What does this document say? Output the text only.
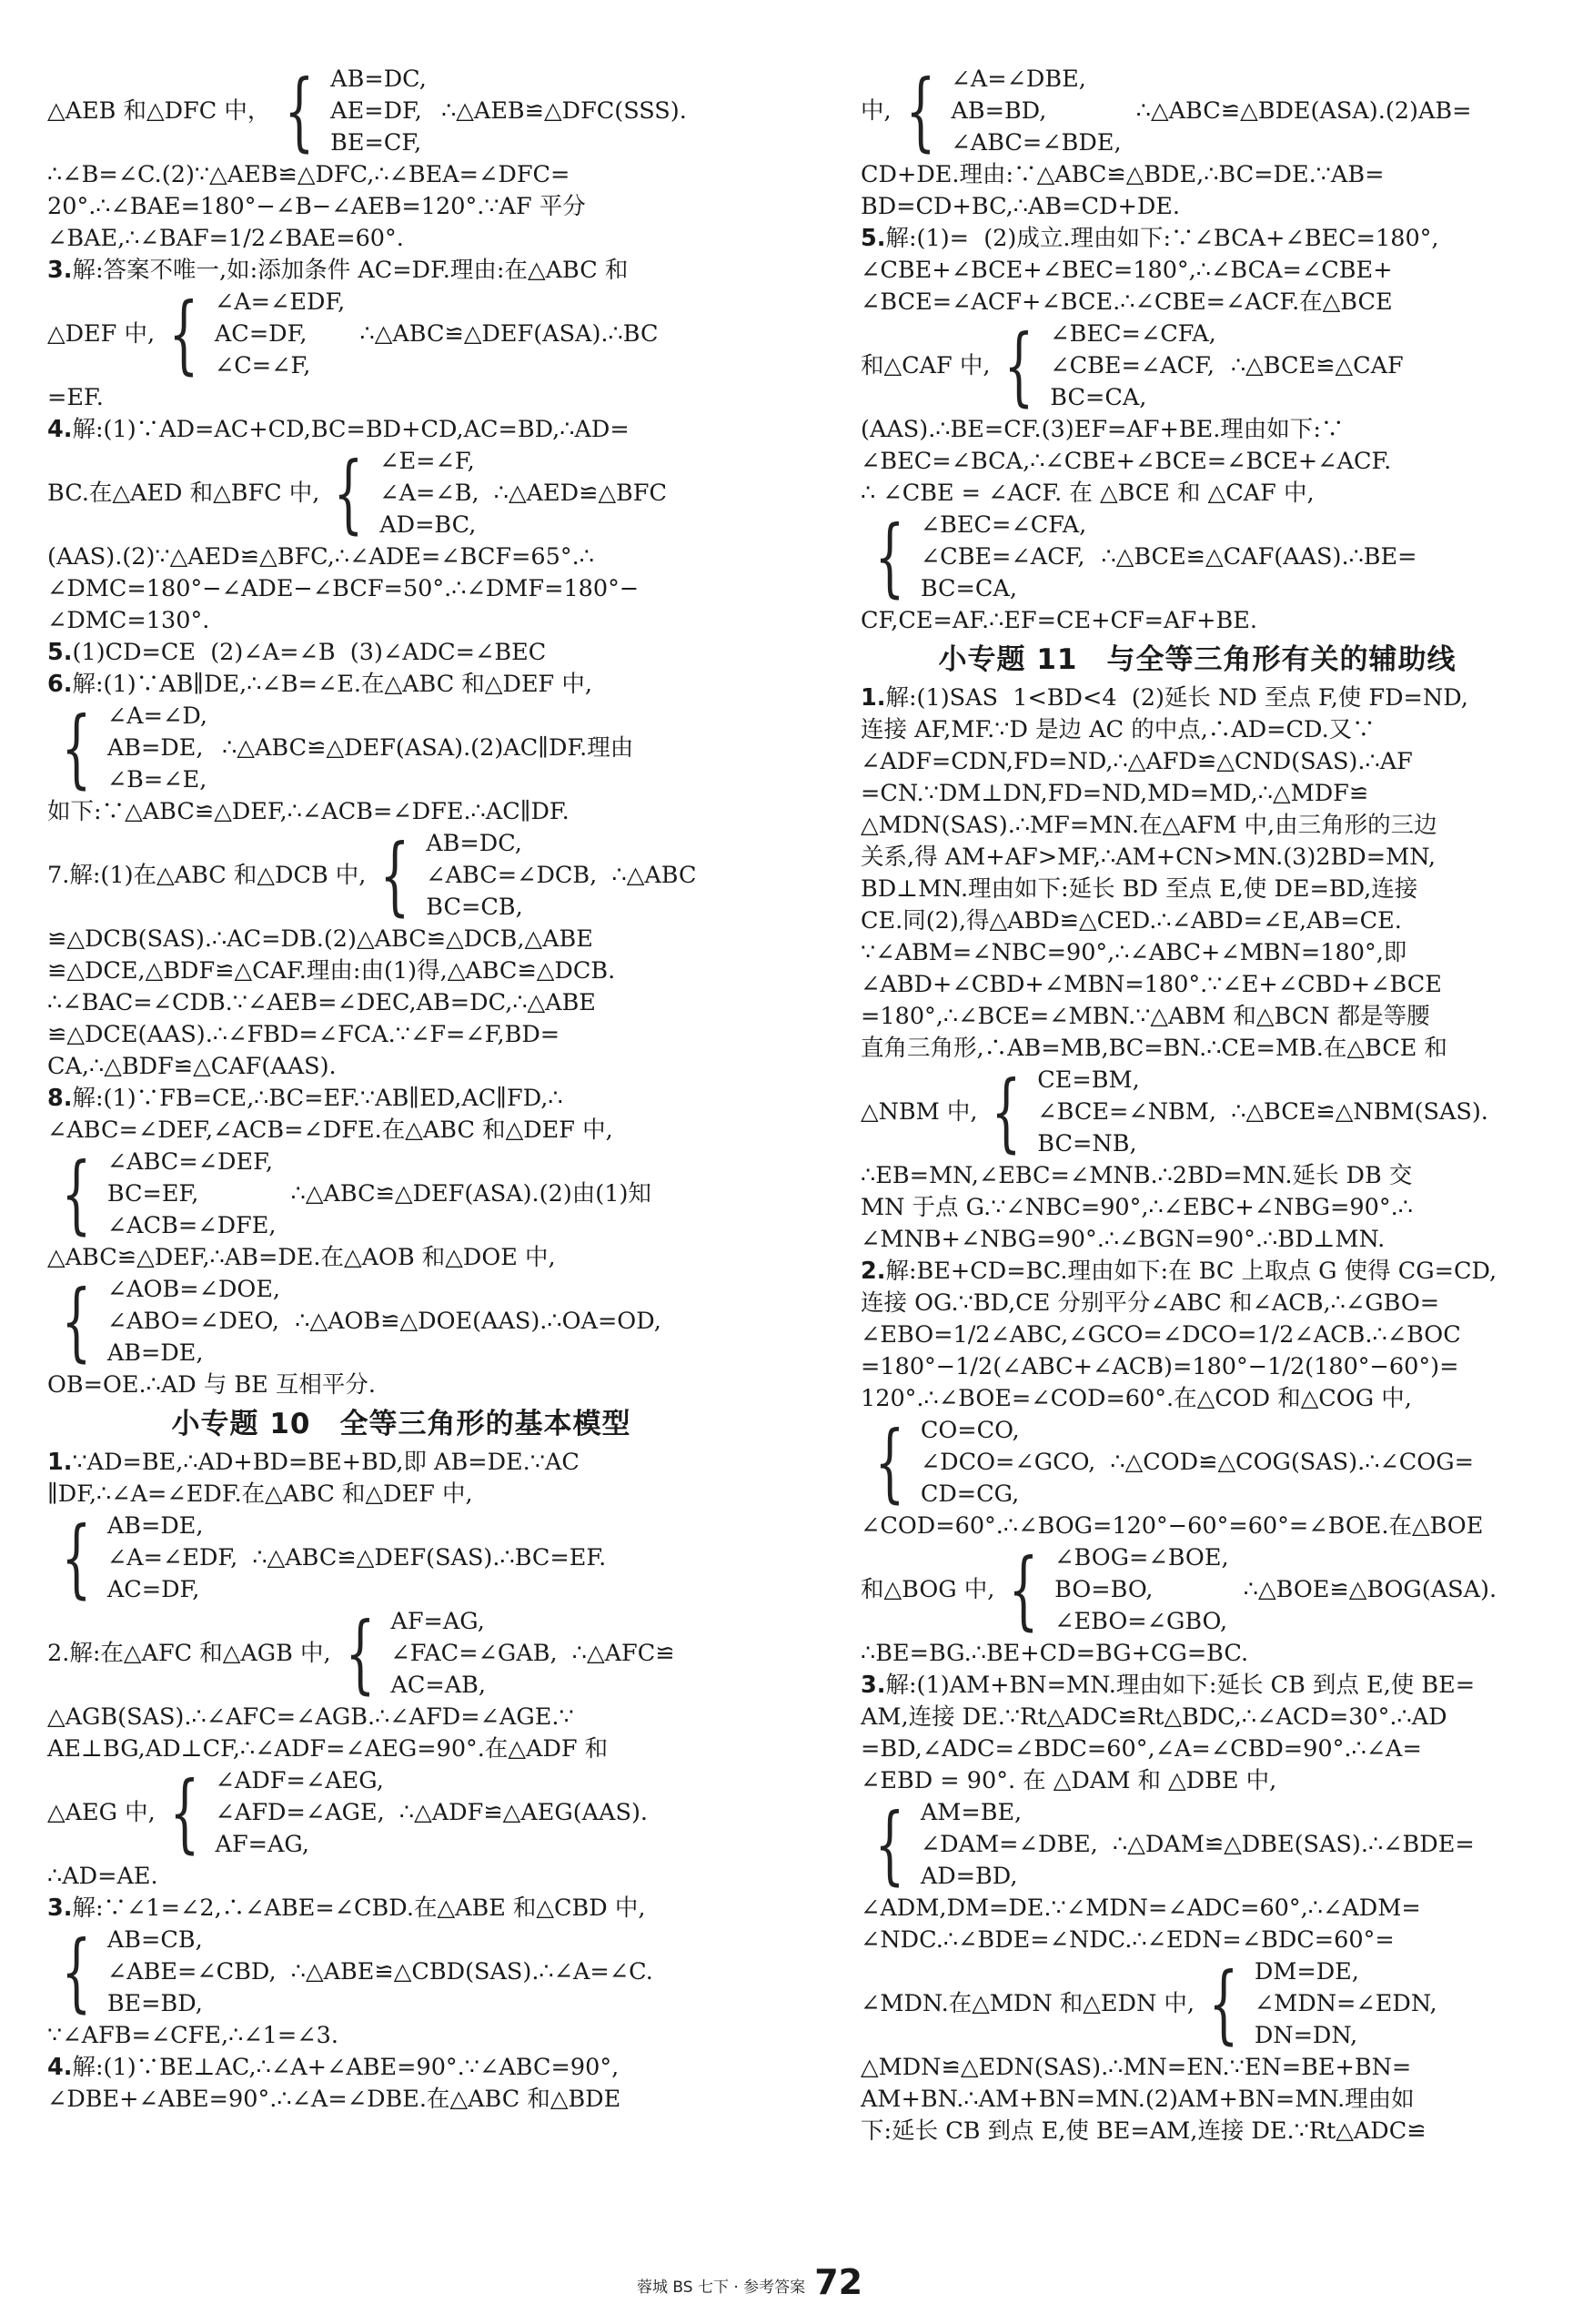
△AEB 和△DFC 中， { AB=DC,
AE=DF,
BE=CF,
∴△AEB≌△DFC(SSS).
∴∠B=∠C.(2)∵△AEB≌△DFC,∴∠BEA=∠DFC=
20°.∴∠BAE=180°−∠B−∠AEB=120°.∵AF 平分
∠BAE,∴∠BAF=1/2∠BAE=60°.
3.解:答案不唯一,如:添加条件 AC=DF.理由:在△ABC 和
△DEF 中, { ∠A=∠EDF,
AC=DF,
∠C=∠F,
∴△ABC≌△DEF(ASA).∴BC
=EF.
4.解:(1)∵AD=AC+CD,BC=BD+CD,AC=BD,∴AD=
BC.在△AED 和△BFC 中, { ∠E=∠F,
∠A=∠B,
AD=BC,
∴△AED≌△BFC
(AAS).(2)∵△AED≌△BFC,∴∠ADE=∠BCF=65°.∴
∠DMC=180°−∠ADE−∠BCF=50°.∴∠DMF=180°−
∠DMC=130°.
5.(1)CD=CE  (2)∠A=∠B  (3)∠ADC=∠BEC
6.解:(1)∵AB∥DE,∴∠B=∠E.在△ABC 和△DEF 中,
{ ∠A=∠D,
AB=DE,
∠B=∠E,
∴△ABC≌△DEF(ASA).(2)AC∥DF.理由
如下:∵△ABC≌△DEF,∴∠ACB=∠DFE.∴AC∥DF.
7.解:(1)在△ABC 和△DCB 中, { AB=DC,
∠ABC=∠DCB,
BC=CB,
∴△ABC
≌△DCB(SAS).∴AC=DB.(2)△ABC≌△DCB,△ABE
≌△DCE,△BDF≌△CAF.理由:由(1)得,△ABC≌△DCB.
∴∠BAC=∠CDB.∵∠AEB=∠DEC,AB=DC,∴△ABE
≌△DCE(AAS).∴∠FBD=∠FCA.∵∠F=∠F,BD=
CA,∴△BDF≌△CAF(AAS).
8.解:(1)∵FB=CE,∴BC=EF.∵AB∥ED,AC∥FD,∴
∠ABC=∠DEF,∠ACB=∠DFE.在△ABC 和△DEF 中,
{ ∠ABC=∠DEF,
BC=EF,
∠ACB=∠DFE,
∴△ABC≌△DEF(ASA).(2)由(1)知
△ABC≌△DEF,∴AB=DE.在△AOB 和△DOE 中,
{ ∠AOB=∠DOE,
∠ABO=∠DEO,
AB=DE,
∴△AOB≌△DOE(AAS).∴OA=OD,
OB=OE.∴AD 与 BE 互相平分.
小专题 10　全等三角形的基本模型
1.∵AD=BE,∴AD+BD=BE+BD,即 AB=DE.∵AC
∥DF,∴∠A=∠EDF.在△ABC 和△DEF 中,
{ AB=DE,
∠A=∠EDF,
AC=DF,
∴△ABC≌△DEF(SAS).∴BC=EF.
2.解:在△AFC 和△AGB 中, { AF=AG,
∠FAC=∠GAB,
AC=AB,
∴△AFC≌
△AGB(SAS).∴∠AFC=∠AGB.∴∠AFD=∠AGE.∵
AE⊥BG,AD⊥CF,∴∠ADF=∠AEG=90°.在△ADF 和
△AEG 中, { ∠ADF=∠AEG,
∠AFD=∠AGE,
AF=AG,
∴△ADF≌△AEG(AAS).
∴AD=AE.
3.解:∵∠1=∠2,∴∠ABE=∠CBD.在△ABE 和△CBD 中,
{ AB=CB,
∠ABE=∠CBD,
BE=BD,
∴△ABE≌△CBD(SAS).∴∠A=∠C.
∵∠AFB=∠CFE,∴∠1=∠3.
4.解:(1)∵BE⊥AC,∴∠A+∠ABE=90°.∵∠ABC=90°,
∠DBE+∠ABE=90°.∴∠A=∠DBE.在△ABC 和△BDE
中, { ∠A=∠DBE,
AB=BD,
∠ABC=∠BDE,
∴△ABC≌△BDE(ASA).(2)AB=
CD+DE.理由:∵△ABC≌△BDE,∴BC=DE.∵AB=
BD=CD+BC,∴AB=CD+DE.
5.解:(1)=  (2)成立.理由如下:∵∠BCA+∠BEC=180°,
∠CBE+∠BCE+∠BEC=180°,∴∠BCA=∠CBE+
∠BCE=∠ACF+∠BCE.∴∠CBE=∠ACF.在△BCE
和△CAF 中, { ∠BEC=∠CFA,
∠CBE=∠ACF,
BC=CA,
∴△BCE≌△CAF
(AAS).∴BE=CF.(3)EF=AF+BE.理由如下:∵
∠BEC=∠BCA,∴∠CBE+∠BCE=∠BCE+∠ACF.
∴ ∠CBE = ∠ACF. 在 △BCE 和 △CAF 中,
{ ∠BEC=∠CFA,
∠CBE=∠ACF,
BC=CA,
∴△BCE≌△CAF(AAS).∴BE=
CF,CE=AF.∴EF=CE+CF=AF+BE.
小专题 11　与全等三角形有关的辅助线
1.解:(1)SAS  1<BD<4  (2)延长 ND 至点 F,使 FD=ND,
连接 AF,MF.∵D 是边 AC 的中点,∴AD=CD.又∵
∠ADF=CDN,FD=ND,∴△AFD≌△CND(SAS).∴AF
=CN.∵DM⊥DN,FD=ND,MD=MD,∴△MDF≌
△MDN(SAS).∴MF=MN.在△AFM 中,由三角形的三边
关系,得 AM+AF>MF,∴AM+CN>MN.(3)2BD=MN,
BD⊥MN.理由如下:延长 BD 至点 E,使 DE=BD,连接
CE.同(2),得△ABD≌△CED.∴∠ABD=∠E,AB=CE.
∵∠ABM=∠NBC=90°,∴∠ABC+∠MBN=180°,即
∠ABD+∠CBD+∠MBN=180°.∵∠E+∠CBD+∠BCE
=180°,∴∠BCE=∠MBN.∵△ABM 和△BCN 都是等腰
直角三角形,∴AB=MB,BC=BN.∴CE=MB.在△BCE 和
△NBM 中, { CE=BM,
∠BCE=∠NBM,
BC=NB,
∴△BCE≌△NBM(SAS).
∴EB=MN,∠EBC=∠MNB.∴2BD=MN.延长 DB 交
MN 于点 G.∵∠NBC=90°,∴∠EBC+∠NBG=90°.∴
∠MNB+∠NBG=90°.∴∠BGN=90°.∴BD⊥MN.
2.解:BE+CD=BC.理由如下:在 BC 上取点 G 使得 CG=CD,
连接 OG.∵BD,CE 分别平分∠ABC 和∠ACB,∴∠GBO=
∠EBO=1/2∠ABC,∠GCO=∠DCO=1/2∠ACB.∴∠BOC
=180°−1/2(∠ABC+∠ACB)=180°−1/2(180°−60°)=
120°.∴∠BOE=∠COD=60°.在△COD 和△COG 中,
{ CO=CO,
∠DCO=∠GCO,
CD=CG,
∴△COD≌△COG(SAS).∴∠COG=
∠COD=60°.∴∠BOG=120°−60°=60°=∠BOE.在△BOE
和△BOG 中, { ∠BOG=∠BOE,
BO=BO,
∠EBO=∠GBO,
∴△BOE≌△BOG(ASA).
∴BE=BG.∴BE+CD=BG+CG=BC.
3.解:(1)AM+BN=MN.理由如下:延长 CB 到点 E,使 BE=
AM,连接 DE.∵Rt△ADC≌Rt△BDC,∴∠ACD=30°.∴AD
=BD,∠ADC=∠BDC=60°,∠A=∠CBD=90°.∴∠A=
∠EBD = 90°. 在 △DAM 和 △DBE 中,
{ AM=BE,
∠DAM=∠DBE,
AD=BD,
∴△DAM≌△DBE(SAS).∴∠BDE=
∠ADM,DM=DE.∵∠MDN=∠ADC=60°,∴∠ADM=
∠NDC.∴∠BDE=∠NDC.∴∠EDN=∠BDC=60°=
∠MDN.在△MDN 和△EDN 中, { DM=DE,
∠MDN=∠EDN,
DN=DN,
△MDN≌△EDN(SAS).∴MN=EN.∵EN=BE+BN=
AM+BN.∴AM+BN=MN.(2)AM+BN=MN.理由如
下:延长 CB 到点 E,使 BE=AM,连接 DE.∵Rt△ADC≌
蓉城 BS 七下 · 参考答案 72
